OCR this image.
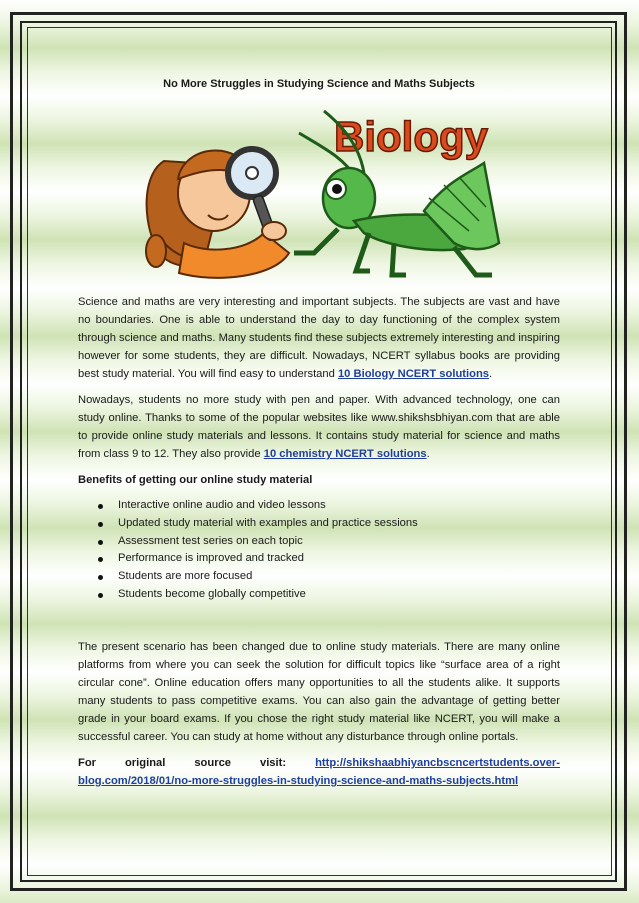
No More Struggles in Studying Science and Maths Subjects
Biology

Science and maths are very interesting and important subjects. The subjects are vast and have no boundaries. One is able to understand the day to day functioning of the complex system through science and maths. Many students find these subjects extremely interesting and inspiring however for some students, they are difficult. Nowadays, NCERT syllabus books are providing best study material. You will find easy to understand 10 Biology NCERT solutions.

Nowadays, students no more study with pen and paper. With advanced technology, one can study online. Thanks to some of the popular websites like www.shikshsbhiyan.com that are able to provide online study materials and lessons. It contains study material for science and maths from class 9 to 12. They also provide 10 chemistry NCERT solutions.

Benefits of getting our online study material
Interactive online audio and video lessons
Updated study material with examples and practice sessions
Assessment test series on each topic
Performance is improved and tracked
Students are more focused
Students become globally competitive

The present scenario has been changed due to online study materials. There are many online platforms from where you can seek the solution for difficult topics like “surface area of a right circular cone”. Online education offers many opportunities to all the students alike. It supports many students to pass competitive exams. You can also gain the advantage of getting better grade in your board exams. If you chose the right study material like NCERT, you will make a successful career. You can study at home without any disturbance through online portals.

For original source visit:	http://shikshaabhiyancbscncertstudents.over-blog.com/2018/01/no-more-struggles-in-studying-science-and-maths-subjects.html
